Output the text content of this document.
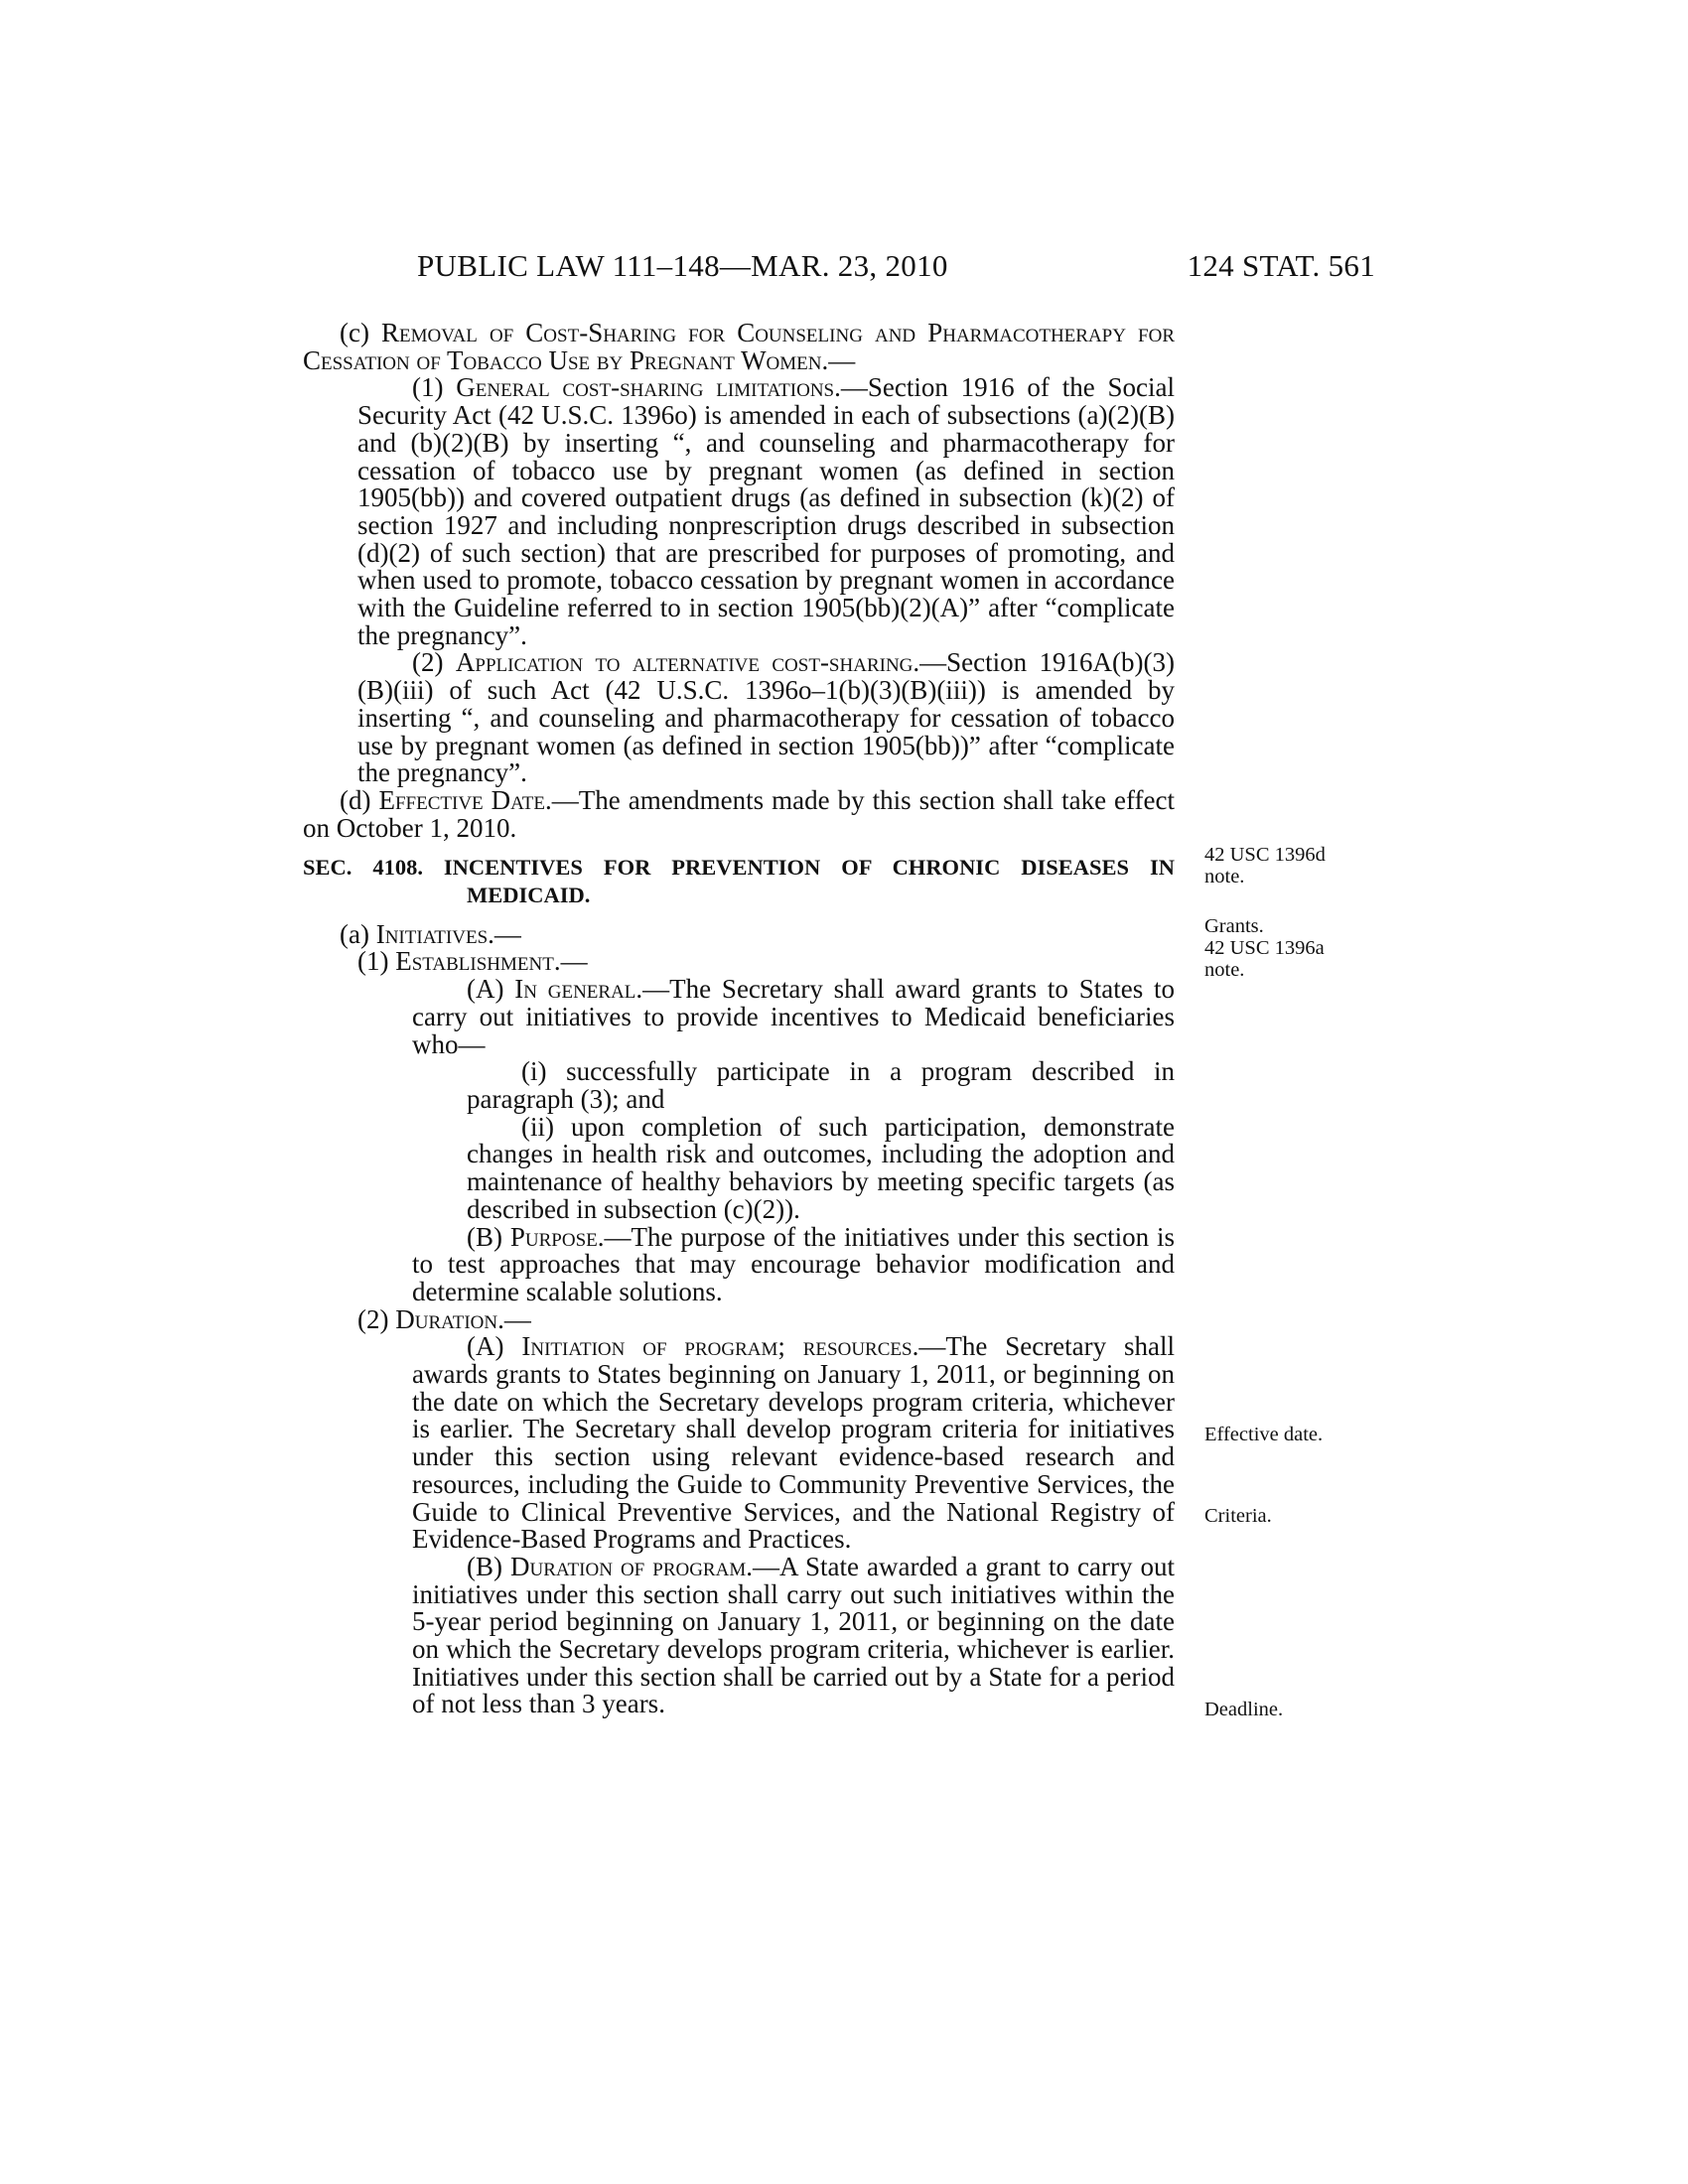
PUBLIC LAW 111–148—MAR. 23, 2010	124 STAT. 561

(c) Removal of Cost-Sharing for Counseling and Pharmacotherapy for Cessation of Tobacco Use by Pregnant Women.—

(1) General cost-sharing limitations.—Section 1916 of the Social Security Act (42 U.S.C. 1396o) is amended in each of subsections (a)(2)(B) and (b)(2)(B) by inserting “, and counseling and pharmacotherapy for cessation of tobacco use by pregnant women (as defined in section 1905(bb)) and covered outpatient drugs (as defined in subsection (k)(2) of section 1927 and including nonprescription drugs described in subsection (d)(2) of such section) that are prescribed for purposes of promoting, and when used to promote, tobacco cessation by pregnant women in accordance with the Guideline referred to in section 1905(bb)(2)(A)” after “complicate the pregnancy”.

(2) Application to alternative cost-sharing.—Section 1916A(b)(3)(B)(iii) of such Act (42 U.S.C. 1396o–1(b)(3)(B)(iii)) is amended by inserting “, and counseling and pharmacotherapy for cessation of tobacco use by pregnant women (as defined in section 1905(bb))” after “complicate the pregnancy”.

(d) Effective Date.—The amendments made by this section shall take effect on October 1, 2010.

SEC. 4108. INCENTIVES FOR PREVENTION OF CHRONIC DISEASES IN MEDICAID.

(a) Initiatives.—

(1) Establishment.—

(A) In general.—The Secretary shall award grants to States to carry out initiatives to provide incentives to Medicaid beneficiaries who—

(i) successfully participate in a program described in paragraph (3); and

(ii) upon completion of such participation, demonstrate changes in health risk and outcomes, including the adoption and maintenance of healthy behaviors by meeting specific targets (as described in subsection (c)(2)).

(B) Purpose.—The purpose of the initiatives under this section is to test approaches that may encourage behavior modification and determine scalable solutions.

(2) Duration.—

(A) Initiation of program; resources.—The Secretary shall awards grants to States beginning on January 1, 2011, or beginning on the date on which the Secretary develops program criteria, whichever is earlier. The Secretary shall develop program criteria for initiatives under this section using relevant evidence-based research and resources, including the Guide to Community Preventive Services, the Guide to Clinical Preventive Services, and the National Registry of Evidence-Based Programs and Practices.

(B) Duration of program.—A State awarded a grant to carry out initiatives under this section shall carry out such initiatives within the 5-year period beginning on January 1, 2011, or beginning on the date on which the Secretary develops program criteria, whichever is earlier. Initiatives under this section shall be carried out by a State for a period of not less than 3 years.

42 USC 1396d
note.
Grants.
42 USC 1396a
note.
Effective date.
Criteria.
Deadline.
